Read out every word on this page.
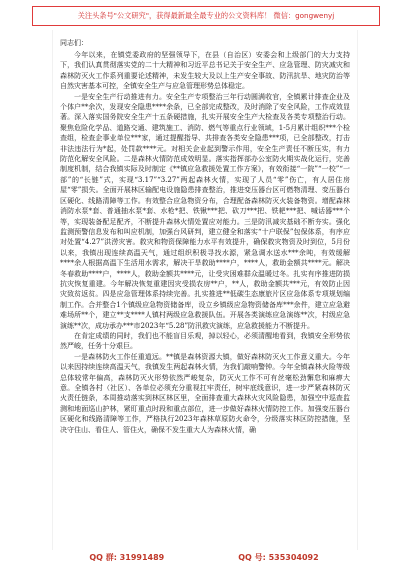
关注头条号"公文研究"，获得最新最全最专业的公文资料库！ 微信：gongwenyj

同志们：

今年以来，在镇党委政府的坚强领导下，在县（自治区）安委会和上级部门的大力支持下，我们认真贯彻落实党的二十大精神和习近平总书记关于安全生产、应急管理、防灾减灾和森林防灭火工作系列重要论述精神，未发生较大及以上生产安全事故、防汛抗旱、地灾防治等自然灾害基本可控，全镇安全生产与应急管理形势总体稳定。

一是安全生产行动推进有力。安全生产专项整治三年行动圆满收官，全镇累计排查企业及个体户**余次，发现安全隐患****余条，已全部完成整改，及时消除了安全风险，工作成效显著。深入落实国务院安全生产十五条硬措施，扎实开展安全生产大检查及各类专项整治行动。聚焦危险化学品、道路交通、建筑施工、消防、燃气等重点行业领域，1-5月累计组织***个检查组，检查企事业单位***家，通过提醒指导、共排查各类安全隐患***项，已全部整改，打击非法违法行为*起，处罚款****元。对相关企业起到警示作用，安全生产责任不断压实，有力防范化解安全风险。二是森林火情防范成效明显。落实指挥部办公室防火期实战化运行，完善制度机制，结合我镇实际及时制定《**镇应急救援处置工作方案》，有效衔接“一院”“一校”“一部”的“长链”式，实现“3.17”“3.27”两起森林火情，实现了人员“零”伤亡，有人居住房屋“零”损失。全面开展林区输配电设施隐患排查整治，推进变压器台区可燃物清理、变压器台区硬化、线路清障等工作。有效整合应急物资分布，合理配备森林防灭火装备物资。增配森林消防水泵*套、普通抽水泵*套、水枪*把、铁锹***把、砍刀***把、铁耙***把、喊话器***个等，实现装备配足配齐，不断提升森林火情处置应对能力。三是防汛减灾基础不断夯实。强化监测预警信息发布和叫应机制，加强台风研判，建立健全和落实“十户联保”包保体系，有序应对处置“4.27”洪涝灾害。救灾和物资保障能力水平有效提升，确保救灾物资及时到位，5月份以来，我镇出现连续高温天气，通过组织积极寻找水源，紧急调水送水***余吨，有效缓解****余人根据高温下生活用水需求，解决干旱救助****户，****人，救助金额共****元。解决冬春救助****户，****人，救助金额共****元，让受灾困难群众温暖过冬。扎实有序推进防损抗灾恢复重建。今年解决恢复重建因灾受损农房**户，**人，救助金额共***元，有效防止因灾致贫返贫。四是应急管理体系持续完善。扎实推进**低碳生态康旅片区应急体系专项规划编制工作。合并整合1个镇级应急物资储备库，设立乡镇级应急物资储备库***余件，建立应急避难场所**个，建立**支****人镇村两级应急救援队伍。开展各类演练应急演练**次，村级应急演练**次，成功承办***市2023年“5.28”防汛救灾演练，应急救援能力不断提升。

在肯定成绩的同时，我们也不能盲目乐观，掉以轻心，必须清醒地看到，我镇安全形势依然严峻，任务十分艰巨。

一是森林防火工作任重道远。**镇是森林资源大镇，做好森林防灭火工作意义重大。今年以来因持续连续高温天气，我镇发生两起森林火情，为我们敲响警钟。今年全镇森林火险等级总体较常年偏高，森林防灭火形势依然严峻复杂，防灭火工作不可有丝毫松劲懈怠和麻痹大意。全镇各村（社区）、各单位必须充分重视扛牢责任，树牢底线意识，进一步严紧森林防灭火责任链条，本周推动落实到林区林区里，全面排查重大森林火灾风险隐患，加强空中巡查监测和地面巡山护林，紧盯重点时段和重点部位，进一步做好森林火情防控工作。加强变压器台区硬化和线路清障等工作，严格执行2023年森林草原防火命令，分级落实林区防控措施，坚决守住山、看住人、管住火，确保不发生重大人为森林火情，确

QQ 群: 31991489	QQ 号: 535304092
